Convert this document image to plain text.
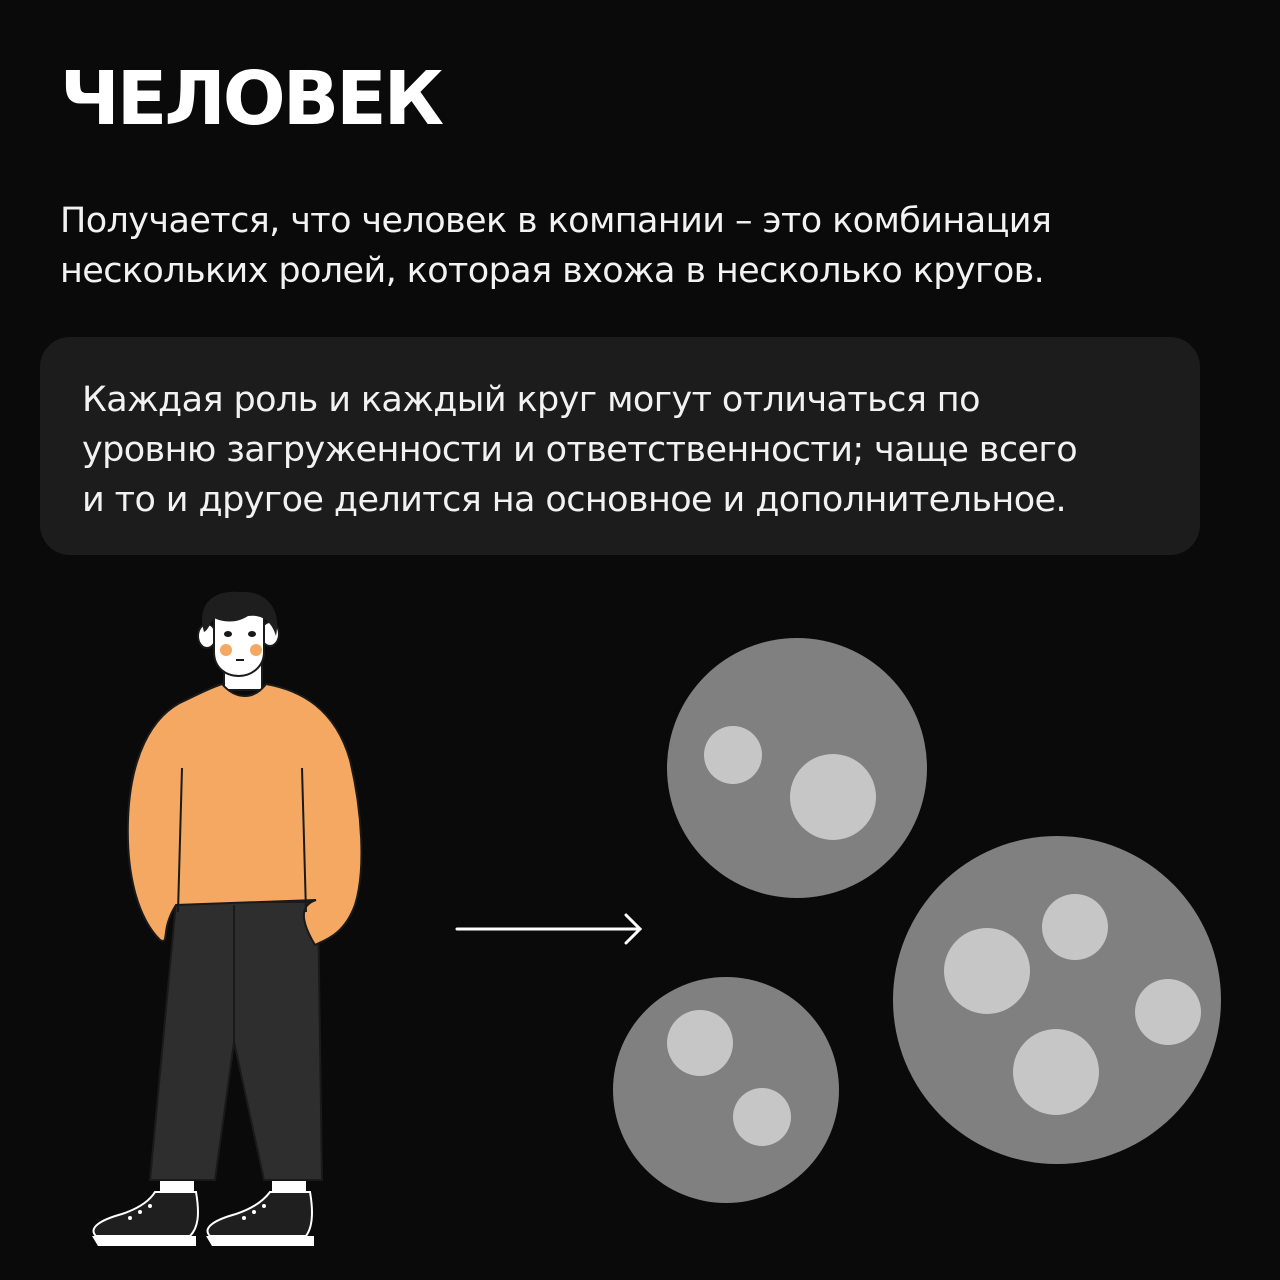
ЧЕЛОВЕК

Получается, что человек в компании – это комбинация
нескольких ролей, которая вхожа в несколько кругов.

Каждая роль и каждый круг могут отличаться по
уровню загруженности и ответственности; чаще всего
и то и другое делится на основное и дополнительное.
